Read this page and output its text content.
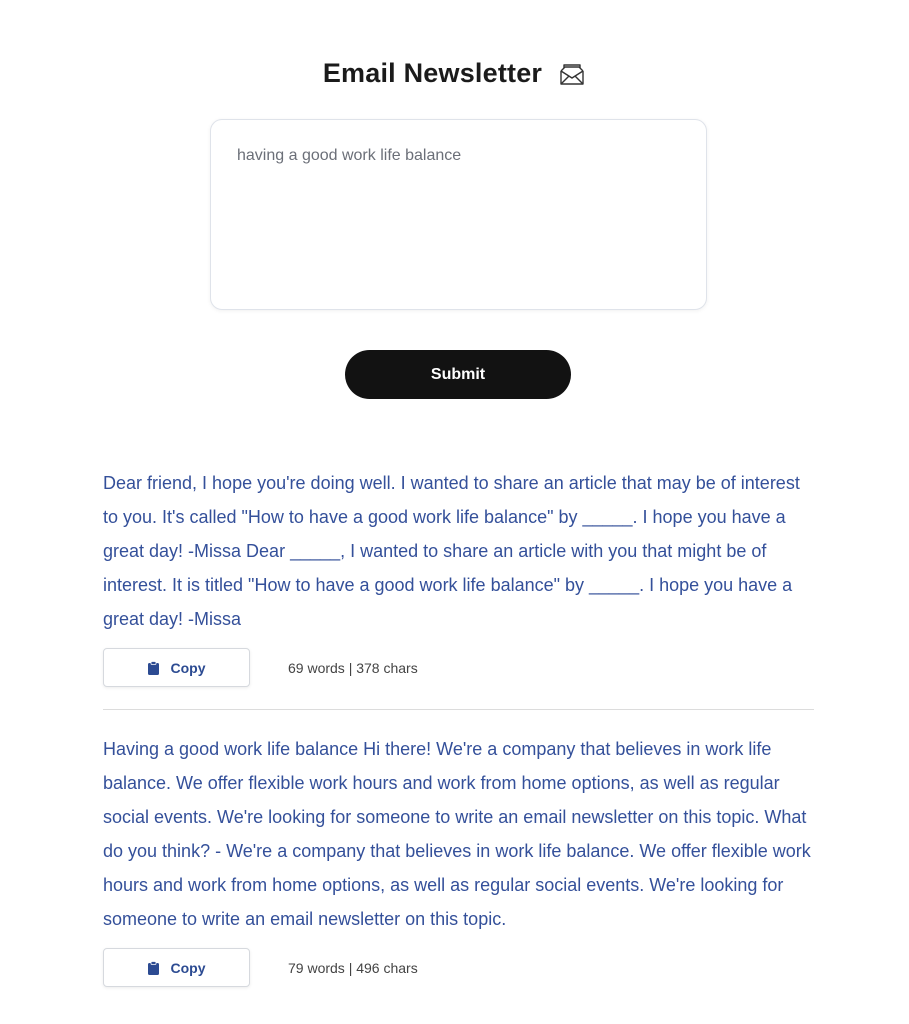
Email Newsletter
having a good work life balance
Submit

Dear friend, I hope you're doing well. I wanted to share an article that may be of interest to you. It's called "How to have a good work life balance" by _____. I hope you have a great day! -Missa Dear _____, I wanted to share an article with you that might be of interest. It is titled "How to have a good work life balance" by _____. I hope you have a great day! -Missa

Copy	69 words | 378 chars

Having a good work life balance Hi there! We're a company that believes in work life balance. We offer flexible work hours and work from home options, as well as regular social events. We're looking for someone to write an email newsletter on this topic. What do you think? - We're a company that believes in work life balance. We offer flexible work hours and work from home options, as well as regular social events. We're looking for someone to write an email newsletter on this topic.

Copy	79 words | 496 chars
